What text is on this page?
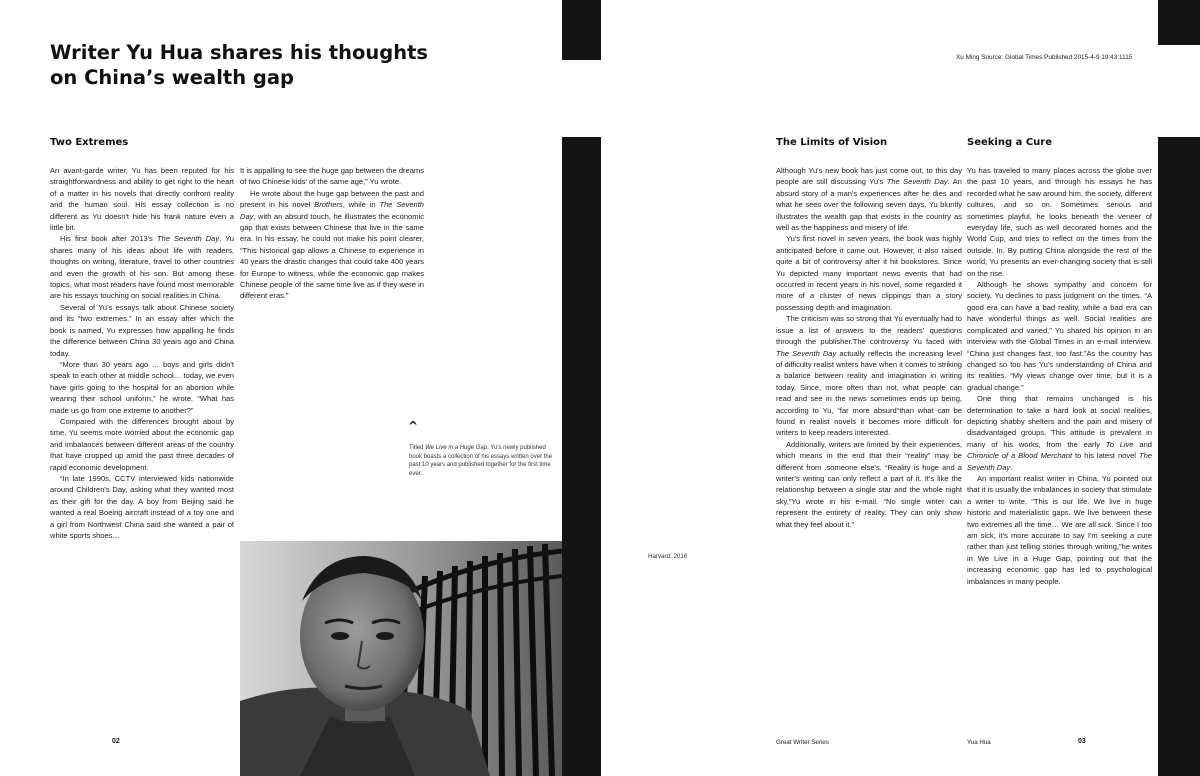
Writer Yu Hua shares his thoughts on China’s wealth gap
Xu Ming Source: Global Times Published 2015-4-9 19:43:1115
Two Extremes	The Limits of Vision	Seeking a Cure

An avant-garde writer, Yu has been reputed for his straightforwardness and ability to get right to the heart of a matter in his novels that directly confront reality and the human soul. His essay collection is no different as Yu doesn't hide his frank nature even a little bit.

His first book after 2013's The Seventh Day, Yu shares many of his ideas about life with readers, thoughts on writing, literature, travel to other countries and even the growth of his son. But among these topics, what most readers have found most memorable are his essays touching on social realities in China.

Several of Yu's essays talk about Chinese society and its “two extremes.” In an essay after which the book is named, Yu expresses how appalling he finds the difference between China 30 years ago and China today.

“More than 30 years ago … boys and girls didn't speak to each other at middle school… today, we even have girls going to the hospital for an abortion while wearing their school uniform,” he wrote. “What has made us go from one extreme to another?”

Compared with the differences brought about by time, Yu seems more worried about the economic gap and imbalances between different areas of the country that have cropped up amid the past three decades of rapid economic development.

“In late 1990s, CCTV interviewed kids nationwide around Children's Day, asking what they wanted most as their gift for the day. A boy from Beijing said he wanted a real Boeing aircraft instead of a toy one and a girl from Northwest China said she wanted a pair of white sports shoes…

It is appalling to see the huge gap between the dreams of two Chinese kids' of the same age,” Yu wrote.

He wrote about the huge gap between the past and present in his novel Brothers, while in The Seventh Day, with an absurd touch, he illustrates the economic gap that exists between Chinese that live in the same era. In his essay, he could not make his point clearer, “This historical gap allows a Chinese to experience in 40 years the drastic changes that could take 400 years for Europe to witness, while the economic gap makes Chinese people of the same time live as if they were in different eras.”

^
Titled We Live in a Huge Gap, Yu's newly published book boasts a collection of his essays written over the past 10 years and published together for the first time ever.
Harvard, 2016

Although Yu's new book has just come out, to this day people are still discussing Yu's The Seventh Day. An absurd story of a man's experiences after he dies and what he sees over the following seven days, Yu bluntly illustrates the wealth gap that exists in the country as well as the happiness and misery of life.

Yu's first novel in seven years, the book was highly anticipated before it came out. However, it also raised quite a bit of controversy after it hit bookstores. Since Yu depicted many important news events that had occurred in recent years in his novel, some regarded it more of a cluster of news clippings than a story possessing depth and imagination.

The criticism was so strong that Yu eventually had to issue a list of answers to the readers' questions through the publisher.The controversy Yu faced with The Seventh Day actually reflects the increasing level of difficulty realist writers have when it comes to striking a balance between reality and imagination in writing today. Since, more often than not, what people can read and see in the news sometimes ends up being, according to Yu, “far more absurd“than what can be found in realist novels it becomes more difficult for writers to keep readers interested.

Additionally, writers are limited by their experiences, which means in the end that their “reality” may be different from .someone else's. “Reality is huge and a writer's writing can only reflect a part of it. It's like the relationship between a single star and the whole night sky,”Yu wrote in his e-mail. “No single writer can represent the entirety of reality. They can only show what they feel about it.”

Yu has traveled to many places across the globe over the past 10 years, and through his essays he has recorded what he saw around him, the society, different cultures, and so on. Sometimes serious and sometimes playful, he looks beneath the veneer of everyday life, such as well decorated homes and the World Cup, and tries to reflect on the times from the outside. In. By putting China alongside the rest of the world, Yu presents an ever-changing society that is still on the rise.

Although he shows sympathy and concern for society, Yu declines to pass judgment on the times. “A good era can have a bad reality, while a bad era can have wonderful things as well. Social realities are complicated and varied,” Yu shared his opinion in an interview with the Global Times in an e-mail interview. “China just changes fast, too fast.”As the country has changed so too has Yu's understanding of China and its realities. “My views change over time, but it is a gradual change.”

One thing that remains unchanged is his determination to take a hard look at social realities, depicting shabby shelters and the pain and misery of disadvantaged groups. This attitude is prevalent in many of his works, from the early To Live and Chronicle of a Blood Merchant to his latest novel The Seventh Day.

An important realist writer in China, Yu pointed out that it is usually the imbalances in society that stimulate a writer to write. “This is our life. We live in huge historic and materialistic gaps. We live between these two extremes all the time… We are all sick. Since I too am sick, it's more accurate to say I'm seeking a cure rather than just telling stories through writing,”he writes in We Live in a Huge Gap, pointing out that the increasing economic gap has led to psychological imbalances in many people.

02	Great Writer Series	Yua Hua	03
